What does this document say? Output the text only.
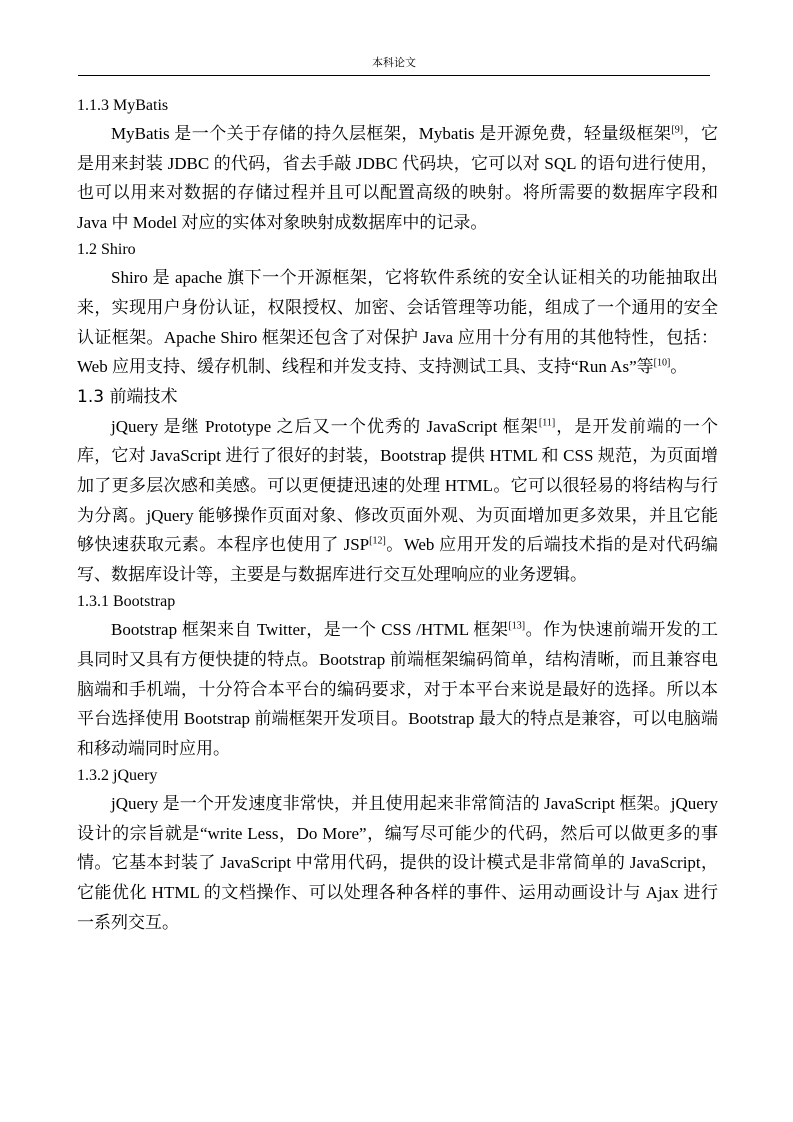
本科论文
1.1.3 MyBatis

MyBatis 是一个关于存储的持久层框架，Mybatis 是开源免费，轻量级框架[9]，它是用来封装 JDBC 的代码，省去手敲 JDBC 代码块，它可以对 SQL 的语句进行使用，也可以用来对数据的存储过程并且可以配置高级的映射。将所需要的数据库字段和 Java 中 Model 对应的实体对象映射成数据库中的记录。

1.2 Shiro

Shiro 是 apache 旗下一个开源框架，它将软件系统的安全认证相关的功能抽取出来，实现用户身份认证，权限授权、加密、会话管理等功能，组成了一个通用的安全认证框架。Apache Shiro 框架还包含了对保护 Java 应用十分有用的其他特性，包括：Web 应用支持、缓存机制、线程和并发支持、支持测试工具、支持“Run As”等[10]。

1.3 前端技术

jQuery 是继 Prototype 之后又一个优秀的 JavaScript 框架[11]，是开发前端的一个库，它对 JavaScript 进行了很好的封装，Bootstrap 提供 HTML 和 CSS 规范，为页面增加了更多层次感和美感。可以更便捷迅速的处理 HTML。它可以很轻易的将结构与行为分离。jQuery 能够操作页面对象、修改页面外观、为页面增加更多效果，并且它能够快速获取元素。本程序也使用了 JSP[12]。Web 应用开发的后端技术指的是对代码编写、数据库设计等，主要是与数据库进行交互处理响应的业务逻辑。

1.3.1 Bootstrap

Bootstrap 框架来自 Twitter，是一个 CSS /HTML 框架[13]。作为快速前端开发的工具同时又具有方便快捷的特点。Bootstrap 前端框架编码简单，结构清晰，而且兼容电脑端和手机端，十分符合本平台的编码要求，对于本平台来说是最好的选择。所以本平台选择使用 Bootstrap 前端框架开发项目。Bootstrap 最大的特点是兼容，可以电脑端和移动端同时应用。

1.3.2 jQuery

jQuery 是一个开发速度非常快，并且使用起来非常简洁的 JavaScript 框架。jQuery 设计的宗旨就是“write Less，Do More”，编写尽可能少的代码，然后可以做更多的事情。它基本封装了 JavaScript 中常用代码，提供的设计模式是非常简单的 JavaScript，它能优化 HTML 的文档操作、可以处理各种各样的事件、运用动画设计与 Ajax 进行一系列交互。
